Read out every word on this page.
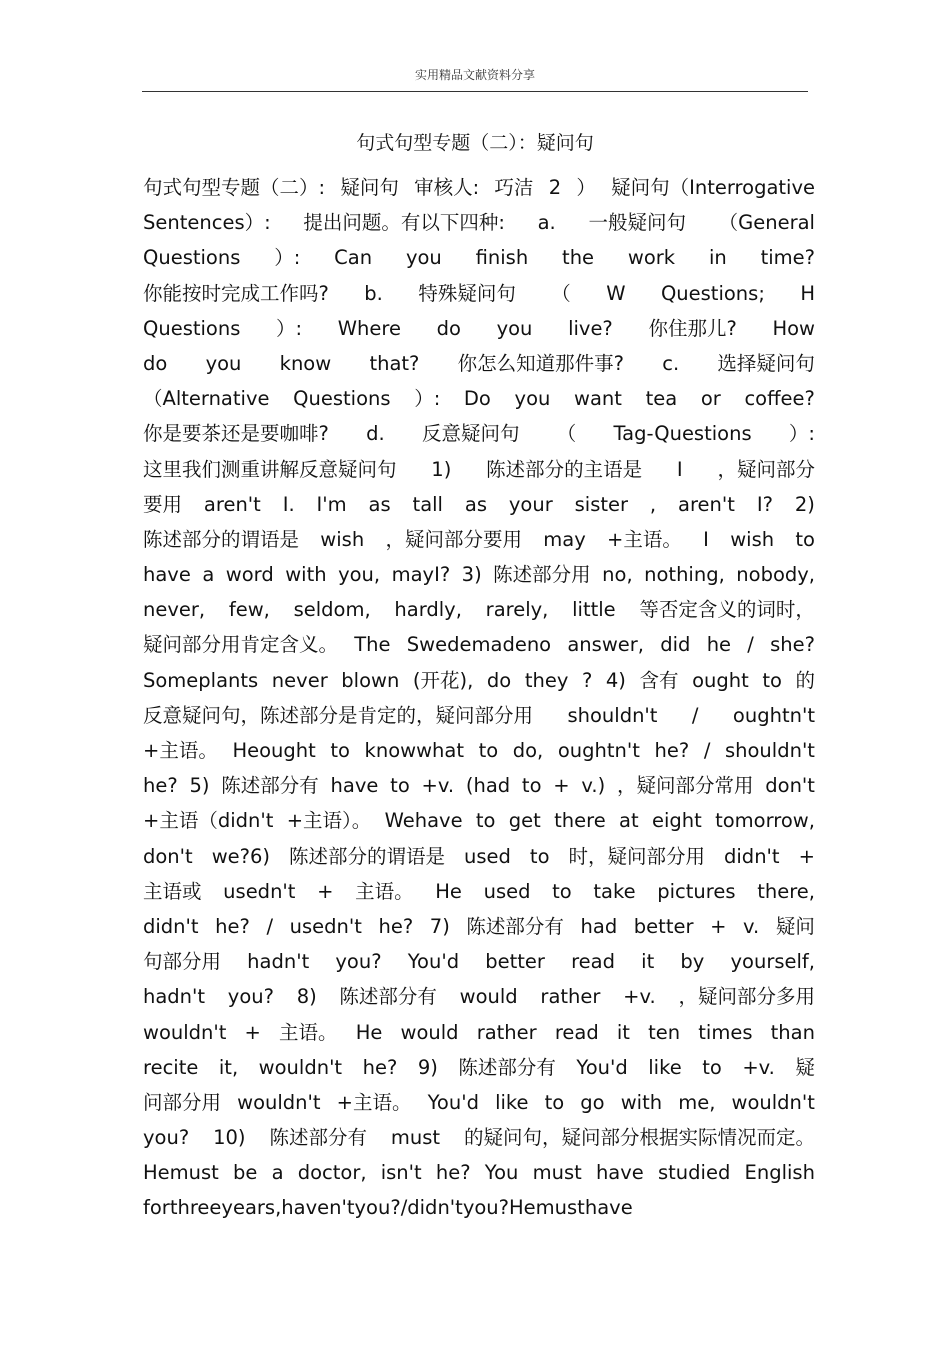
实用精品文献资料分享
句式句型专题（二）：疑问句
句式句型专题（二）: 疑问句 审核人: 巧洁 2 ） 疑问句（Interrogative
Sentences）: 提出问题。有以下四种: a. 一般疑问句 （General
Questions ）: Can you finish the work in time?
你能按时完成工作吗? b. 特殊疑问句 （ W Questions; H
Questions ）: Where do you live? 你住那儿? How
do you know that? 你怎么知道那件事? c. 选择疑问句
（Alternative Questions ）: Do you want tea or coffee?
你是要茶还是要咖啡? d. 反意疑问句 （ Tag-Questions ）:
这里我们测重讲解反意疑问句 1) 陈述部分的主语是 I ，疑问部分
要用 aren't I. I'm as tall as your sister , aren't I? 2)
陈述部分的谓语是 wish ，疑问部分要用 may +主语。 I wish to
have a word with you, mayI? 3) 陈述部分用 no, nothing, nobody,
never, few, seldom, hardly, rarely, little 等否定含义的词时，
疑问部分用肯定含义。 The Swedemadeno answer, did he / she?
Someplants never blown (开花), do they ? 4) 含有 ought to 的
反意疑问句，陈述部分是肯定的，疑问部分用 shouldn't / oughtn't
+主语。 Heought to knowwhat to do, oughtn't he? / shouldn't
he? 5) 陈述部分有 have to +v. (had to + v.) ，疑问部分常用 don't
+主语（didn't +主语）。 Wehave to get there at eight tomorrow,
don't we?6) 陈述部分的谓语是 used to 时，疑问部分用 didn't +
主语或 usedn't + 主语。 He used to take pictures there,
didn't he? / usedn't he? 7) 陈述部分有 had better + v. 疑问
句部分用 hadn't you? You'd better read it by yourself,
hadn't you? 8) 陈述部分有 would rather +v. ，疑问部分多用
wouldn't + 主语。 He would rather read it ten times than
recite it, wouldn't he? 9) 陈述部分有 You'd like to +v. 疑
问部分用 wouldn't +主语。 You'd like to go with me, wouldn't
you? 10) 陈述部分有 must 的疑问句，疑问部分根据实际情况而定。
Hemust be a doctor, isn't he? You must have studied English
for three years, haven't you? / didn't you? He must have
